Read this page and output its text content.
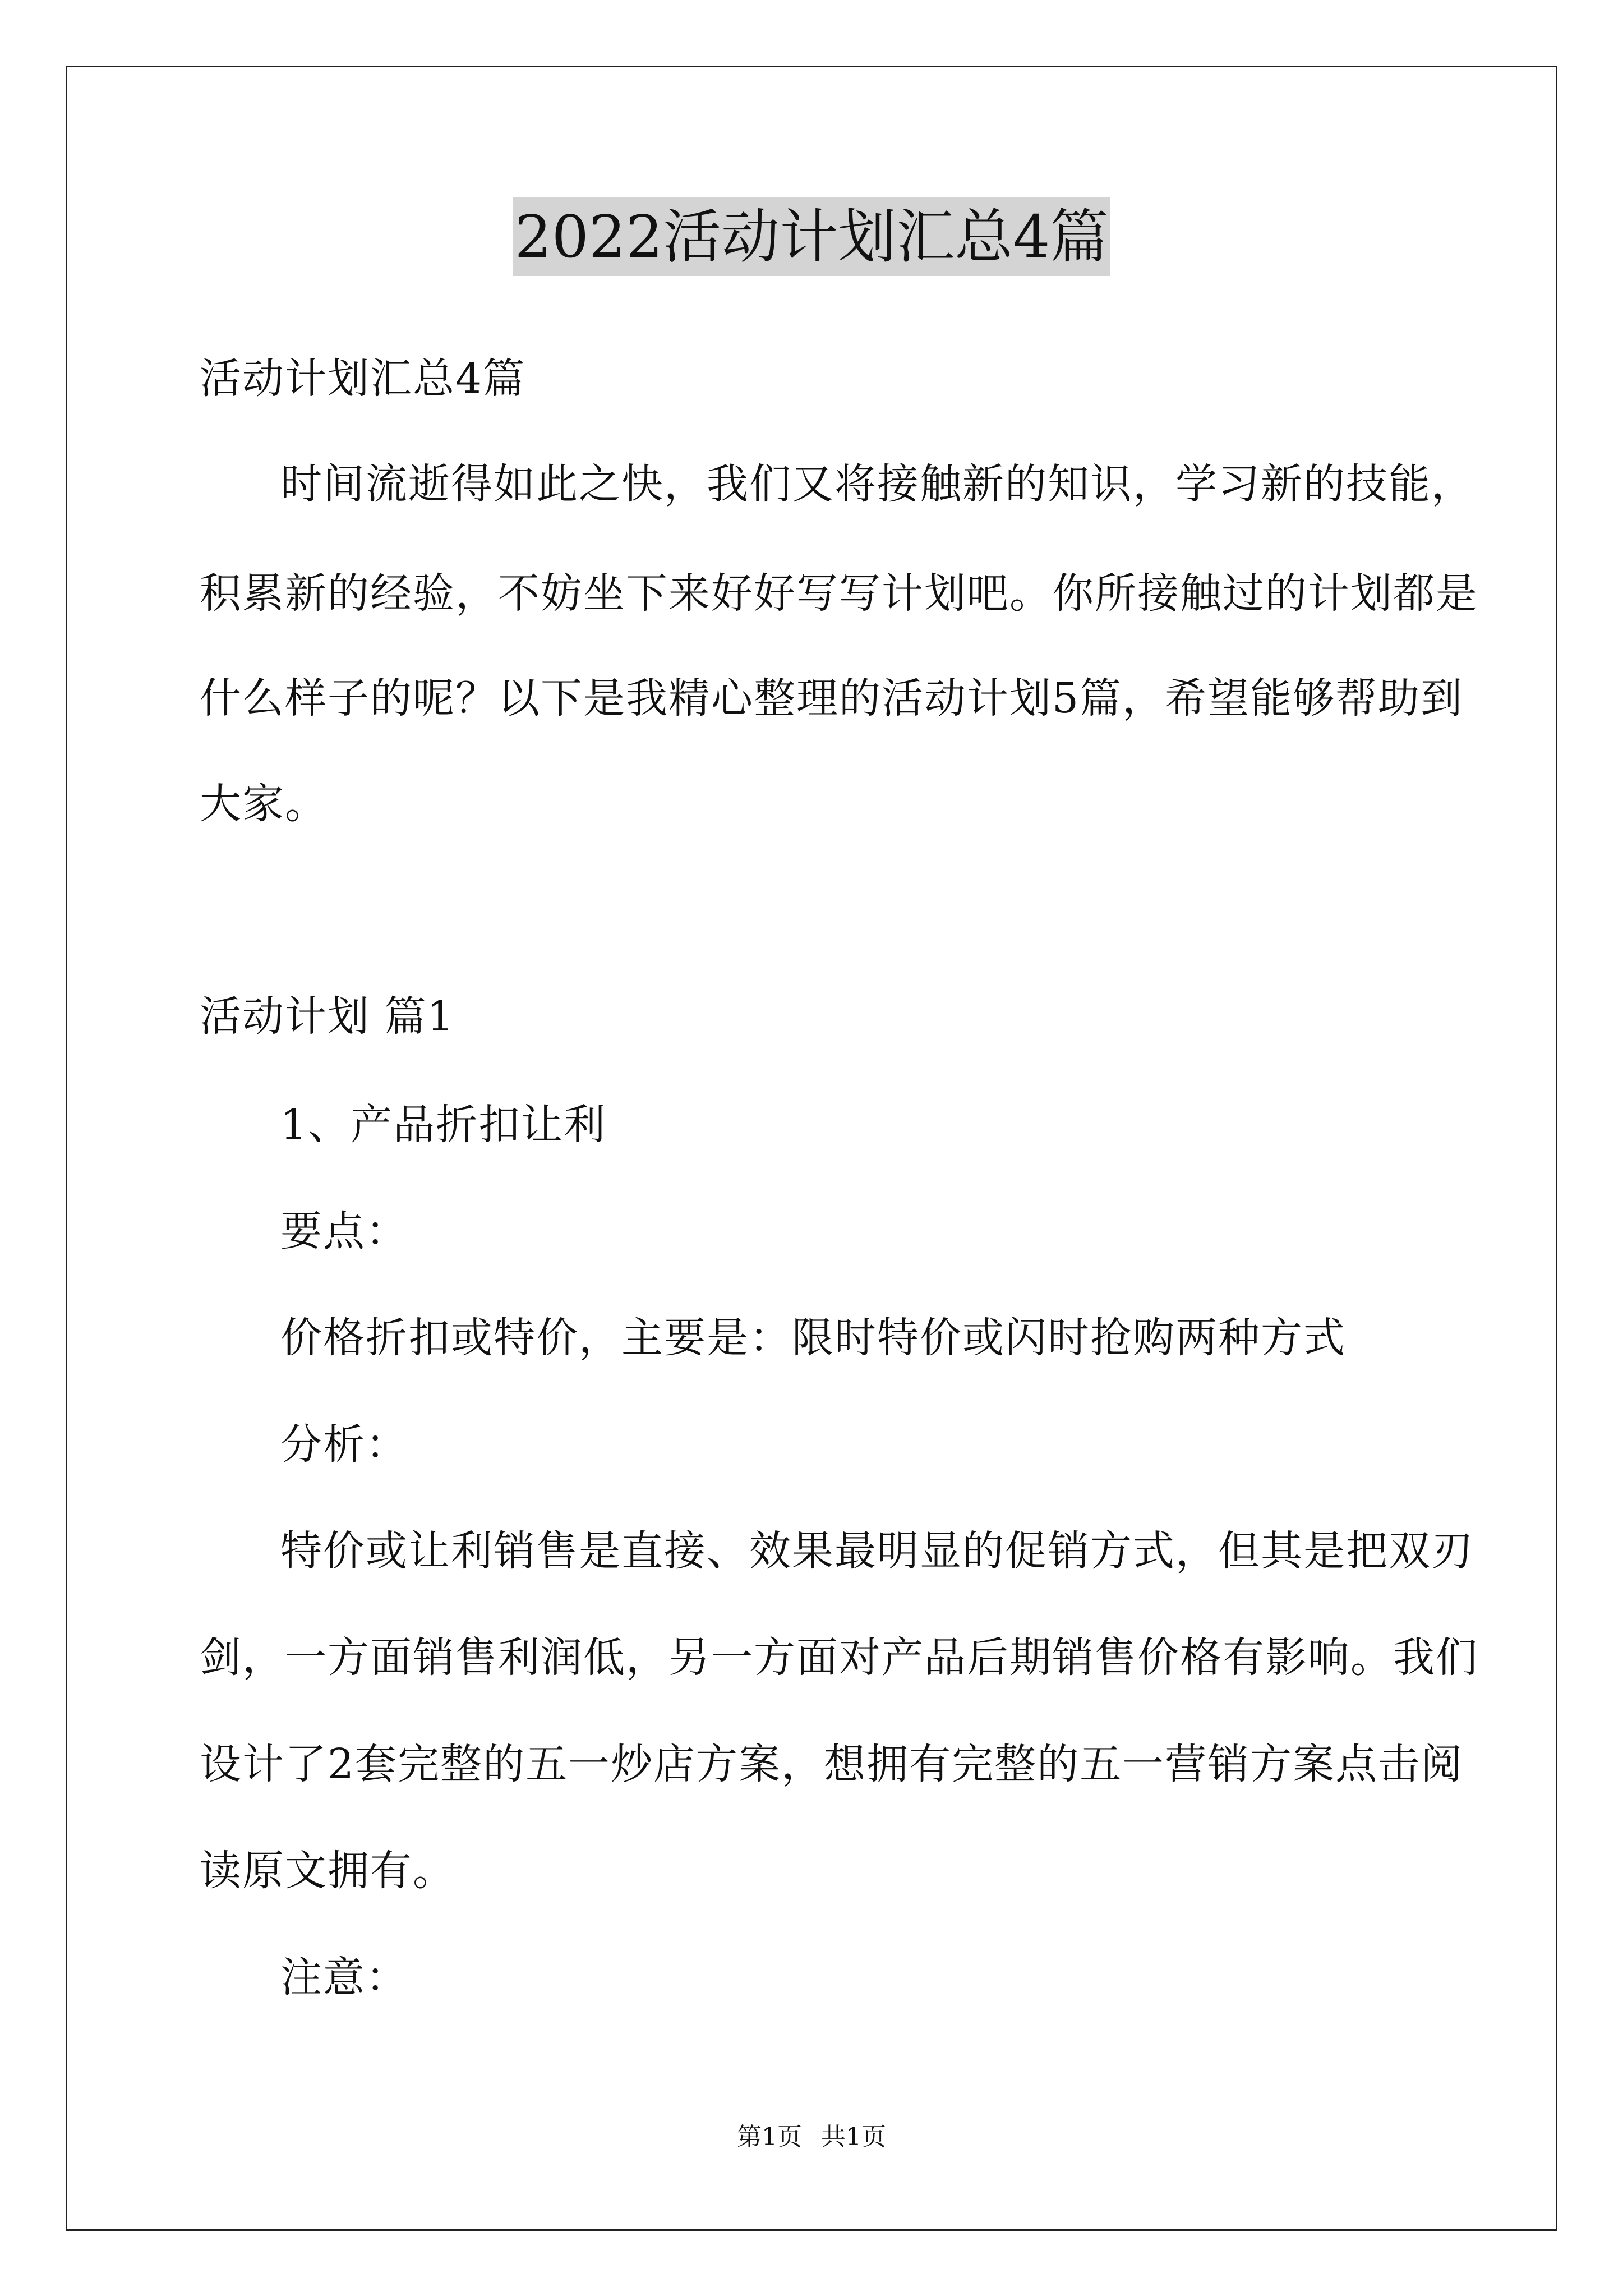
2022活动计划汇总4篇
活动计划汇总4篇
时间流逝得如此之快，我们又将接触新的知识，学习新的技能，
积累新的经验，不妨坐下来好好写写计划吧。你所接触过的计划都是
什么样子的呢？以下是我精心整理的活动计划5篇，希望能够帮助到
大家。
活动计划 篇1
1、产品折扣让利
要点：
价格折扣或特价，主要是：限时特价或闪时抢购两种方式
分析：
特价或让利销售是直接、效果最明显的促销方式，但其是把双刃
剑，一方面销售利润低，另一方面对产品后期销售价格有影响。我们
设计了2套完整的五一炒店方案，想拥有完整的五一营销方案点击阅
读原文拥有。
注意：
第1页 共1页
